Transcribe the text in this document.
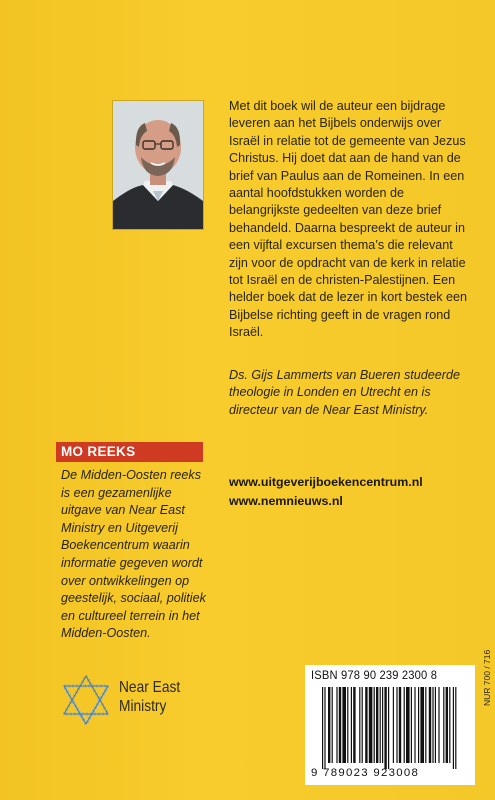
Met dit boek wil de auteur een bijdrage leveren aan het Bijbels onderwijs over Israël in relatie tot de gemeente van Jezus Christus. Hij doet dat aan de hand van de brief van Paulus aan de Romeinen. In een aantal hoofdstukken worden de belangrijkste gedeelten van deze brief behandeld. Daarna bespreekt de auteur in een vijftal excursen thema’s die relevant zijn voor de opdracht van de kerk in relatie tot Israël en de christen-Palestijnen. Een helder boek dat de lezer in kort bestek een Bijbelse richting geeft in de vragen rond Israël.

Ds. Gijs Lammerts van Bueren studeerde theologie in Londen en Utrecht en is directeur van de Near East Ministry.

MO REEKS

De Midden-Oosten reeks is een gezamenlijke uitgave van Near East Ministry en Uitgeverij Boekencentrum waarin informatie gegeven wordt over ontwikkelingen op geestelijk, sociaal, politiek en cultureel terrein in het Midden-Oosten.

www.uitgeverijboekencentrum.nl
www.nemnieuws.nl
Near East
Ministry
ISBN 978 90 239 2300 8
9 789023 923008
NUR 700 / 716
